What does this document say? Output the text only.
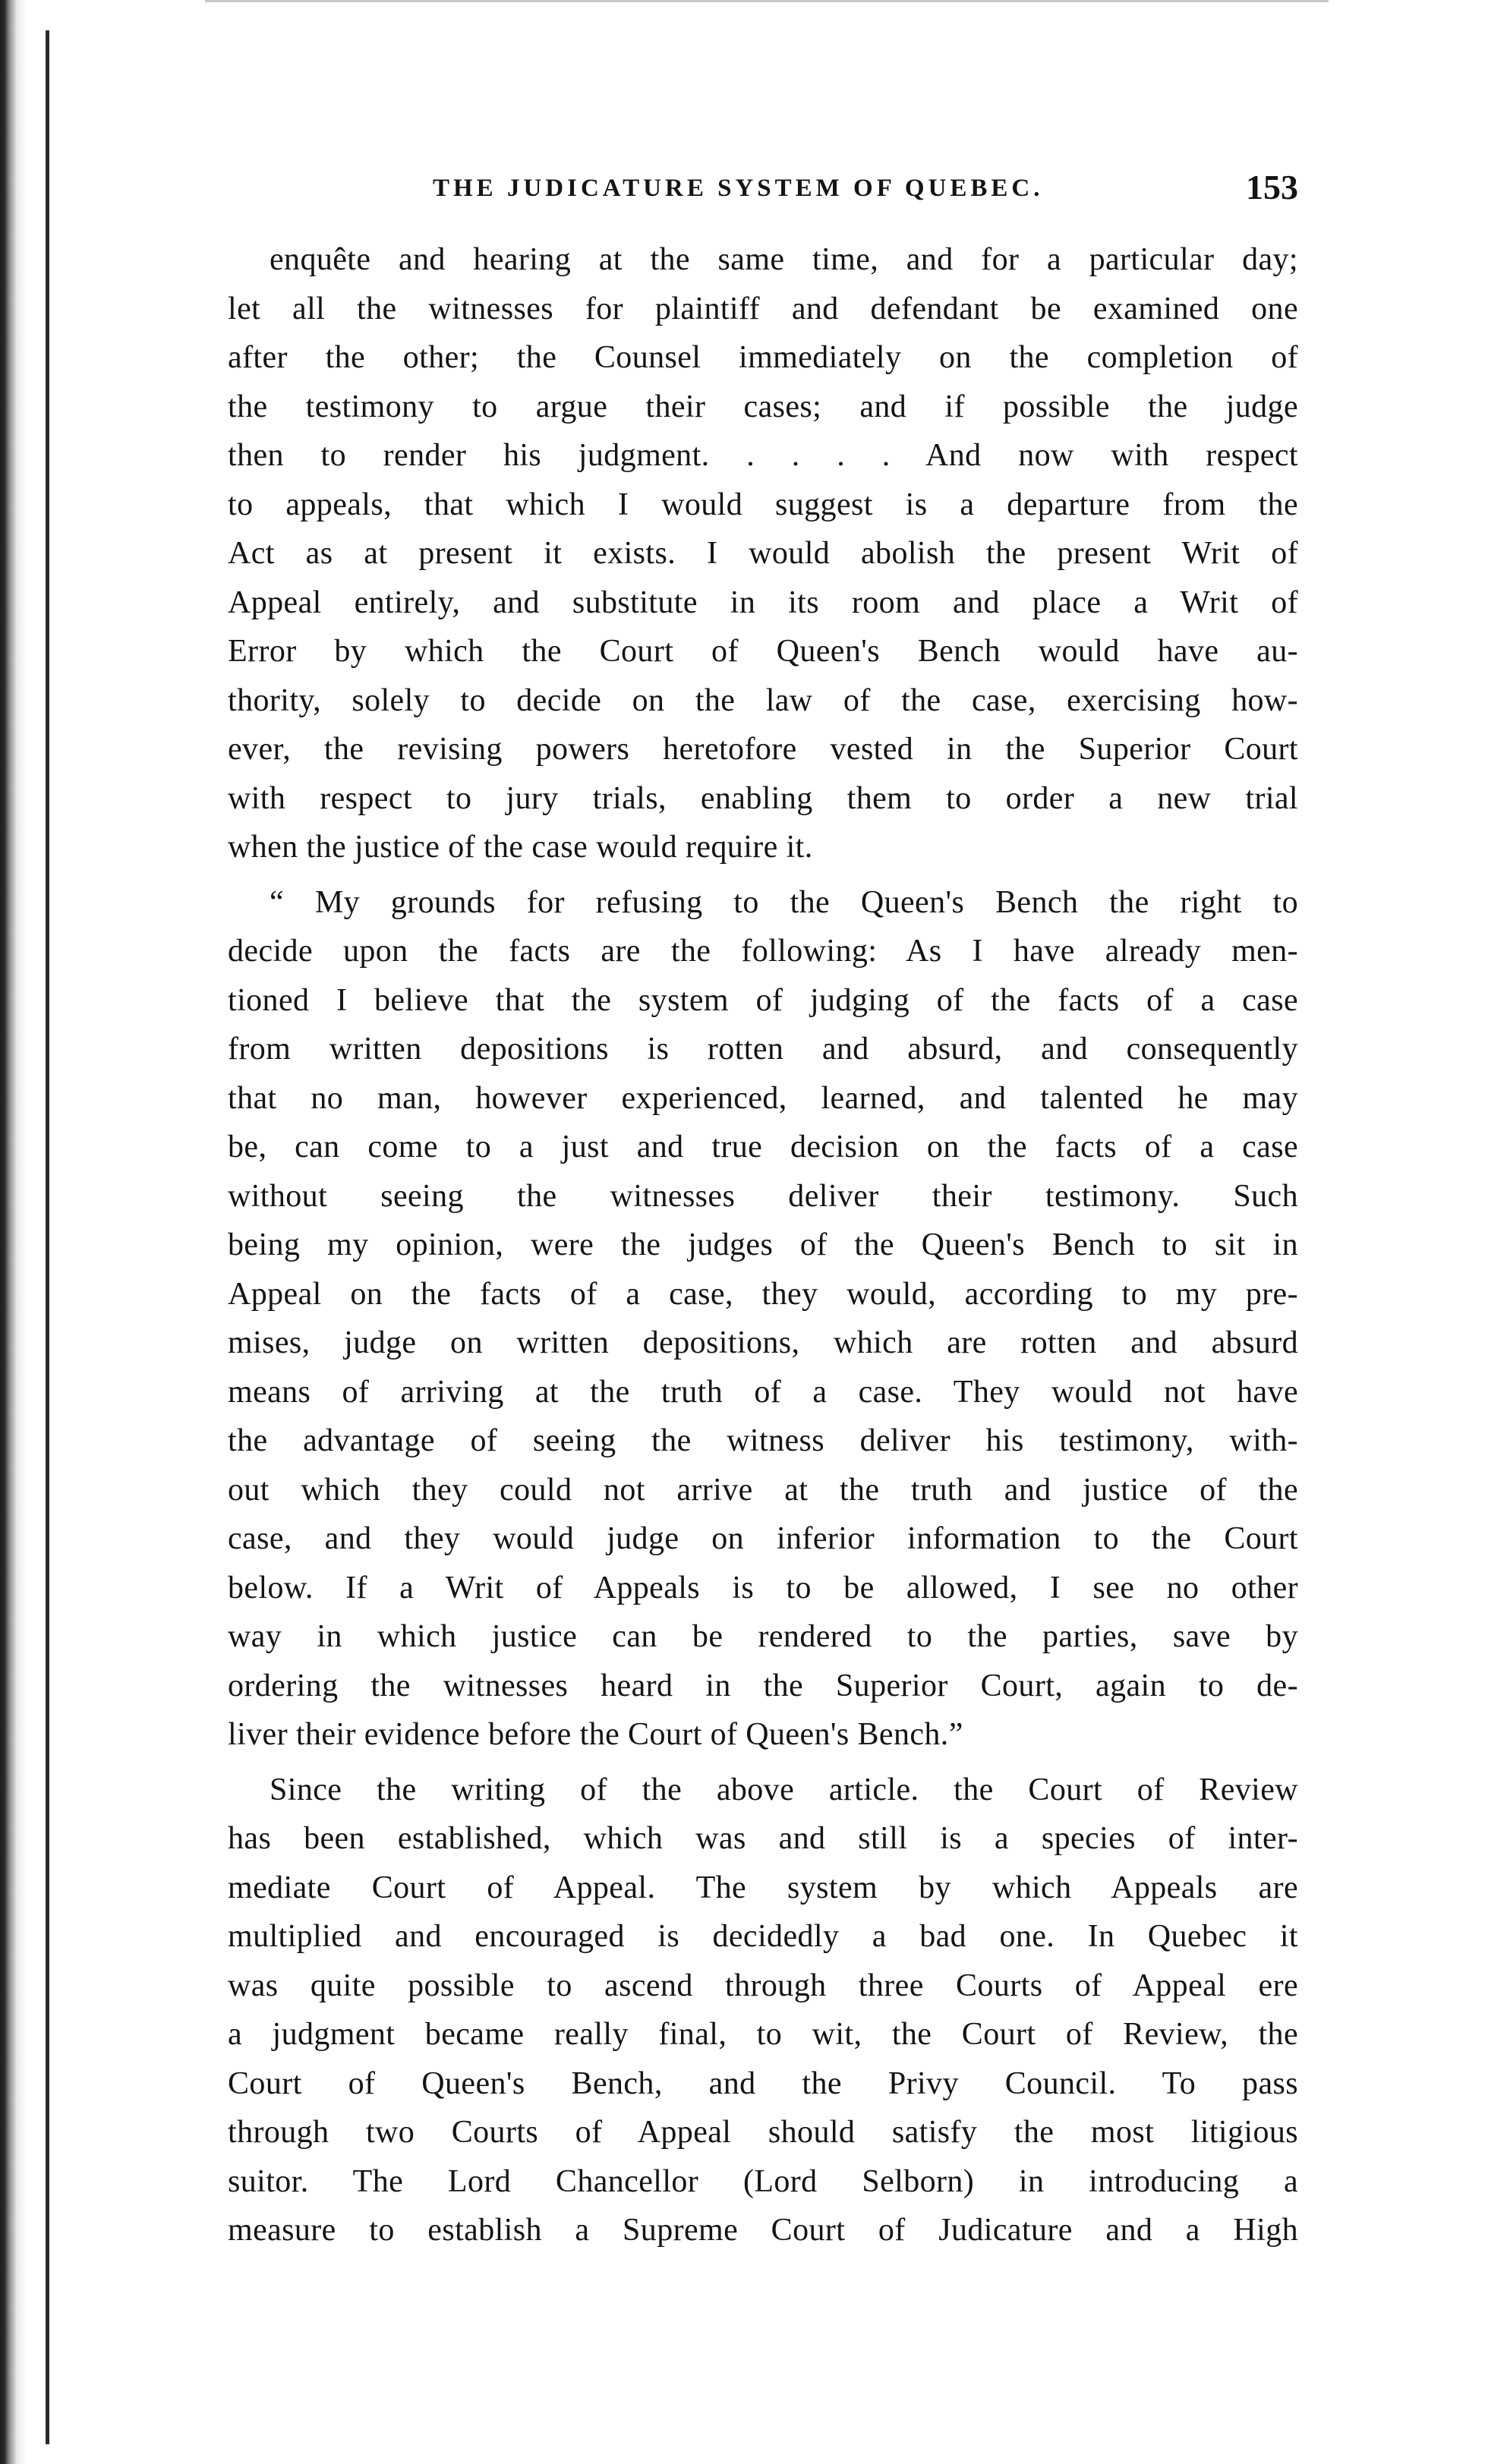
THE JUDICATURE SYSTEM OF QUEBEC.	153
enquête and hearing at the same time, and for a particular day;
let all the witnesses for plaintiff and defendant be examined one
after the other; the Counsel immediately on the completion of
the testimony to argue their cases; and if possible the judge
then to render his judgment. . . . . And now with respect
to appeals, that which I would suggest is a departure from the
Act as at present it exists. I would abolish the present Writ of
Appeal entirely, and substitute in its room and place a Writ of
Error by which the Court of Queen's Bench would have au-
thority, solely to decide on the law of the case, exercising how-
ever, the revising powers heretofore vested in the Superior Court
with respect to jury trials, enabling them to order a new trial
when the justice of the case would require it.
“ My grounds for refusing to the Queen's Bench the right to
decide upon the facts are the following: As I have already men-
tioned I believe that the system of judging of the facts of a case
from written depositions is rotten and absurd, and consequently
that no man, however experienced, learned, and talented he may
be, can come to a just and true decision on the facts of a case
without seeing the witnesses deliver their testimony. Such
being my opinion, were the judges of the Queen's Bench to sit in
Appeal on the facts of a case, they would, according to my pre-
mises, judge on written depositions, which are rotten and absurd
means of arriving at the truth of a case. They would not have
the advantage of seeing the witness deliver his testimony, with-
out which they could not arrive at the truth and justice of the
case, and they would judge on inferior information to the Court
below. If a Writ of Appeals is to be allowed, I see no other
way in which justice can be rendered to the parties, save by
ordering the witnesses heard in the Superior Court, again to de-
liver their evidence before the Court of Queen's Bench.”
Since the writing of the above article. the Court of Review
has been established, which was and still is a species of inter-
mediate Court of Appeal. The system by which Appeals are
multiplied and encouraged is decidedly a bad one. In Quebec it
was quite possible to ascend through three Courts of Appeal ere
a judgment became really final, to wit, the Court of Review, the
Court of Queen's Bench, and the Privy Council. To pass
through two Courts of Appeal should satisfy the most litigious
suitor. The Lord Chancellor (Lord Selborn) in introducing a
measure to establish a Supreme Court of Judicature and a High
